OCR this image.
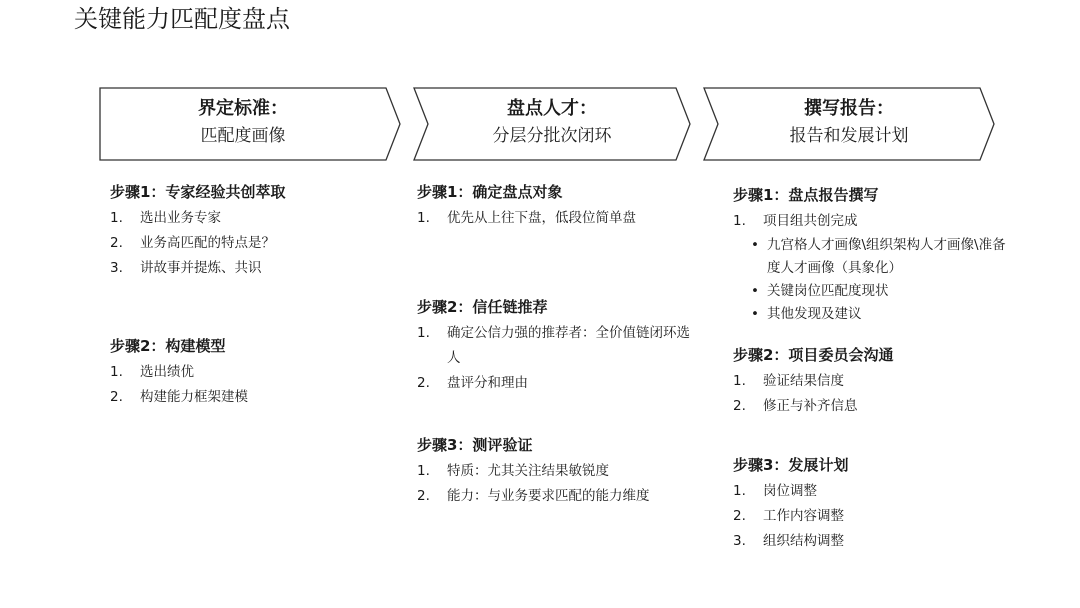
关键能力匹配度盘点
界定标准：
匹配度画像
盘点人才：
分层分批次闭环
撰写报告：
报告和发展计划
步骤1：专家经验共创萃取
1.	选出业务专家
2.	业务高匹配的特点是？
3.	讲故事并提炼、共识
步骤2：构建模型
1.	选出绩优
2.	构建能力框架建模
步骤1：确定盘点对象
1.	优先从上往下盘，低段位简单盘
步骤2：信任链推荐
1.	确定公信力强的推荐者：全价值链闭环选人
2.	盘评分和理由
步骤3：测评验证
1.	特质：尤其关注结果敏锐度
2.	能力：与业务要求匹配的能力维度
步骤1：盘点报告撰写
1.	项目组共创完成
• 九宫格人才画像\组织架构人才画像\准备度人才画像（具象化）
• 关键岗位匹配度现状
• 其他发现及建议
步骤2：项目委员会沟通
1.	验证结果信度
2.	修正与补齐信息
步骤3：发展计划
1.	岗位调整
2.	工作内容调整
3.	组织结构调整
